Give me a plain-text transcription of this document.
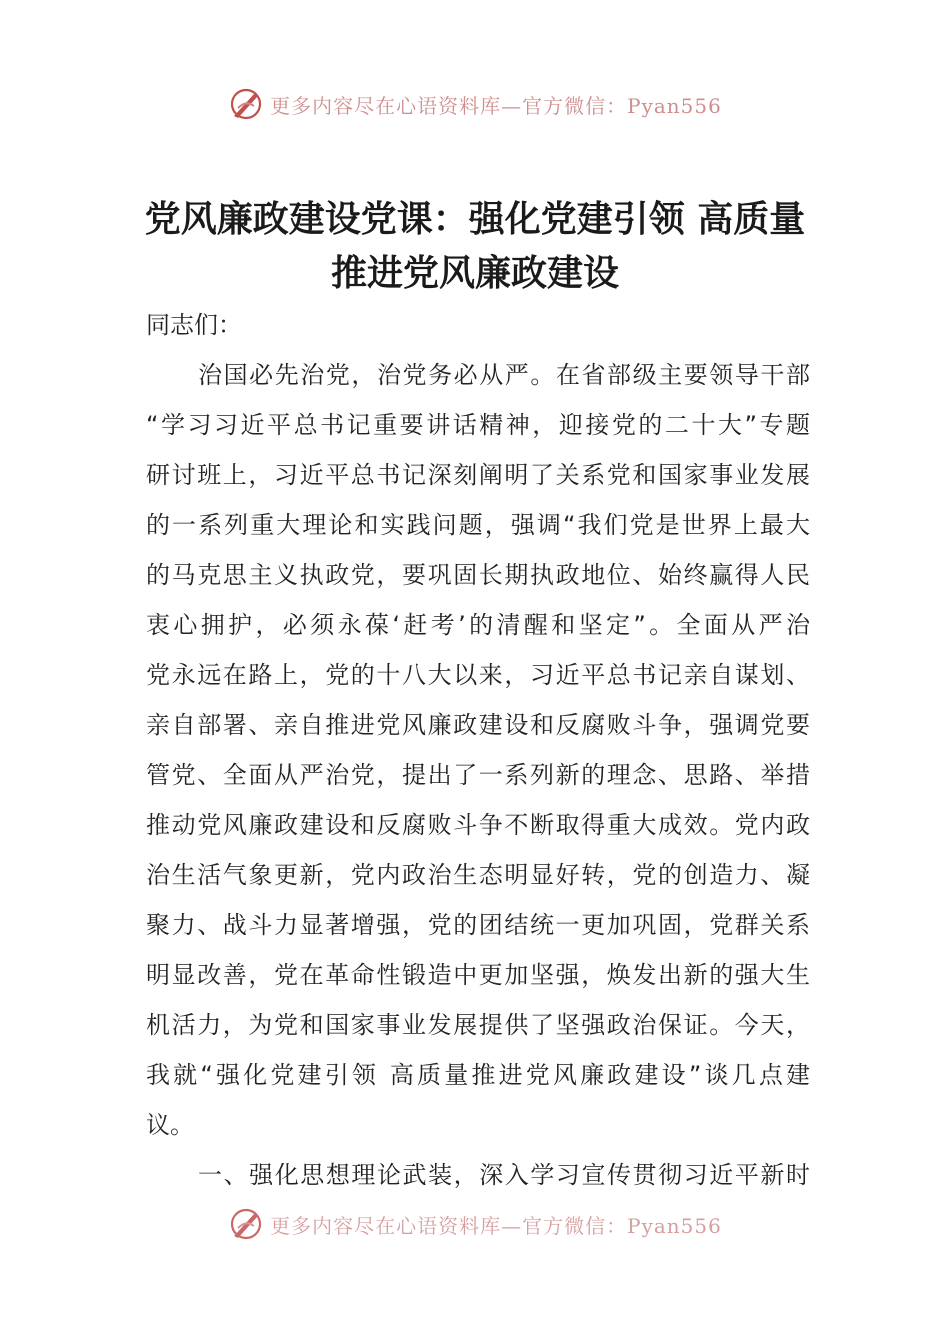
更多内容尽在心语资料库—官方微信：Pyan556
党风廉政建设党课：强化党建引领 高质量
推进党风廉政建设
同志们：
治国必先治党，治党务必从严。在省部级主要领导干部
“学习习近平总书记重要讲话精神，迎接党的二十大”专题
研讨班上，习近平总书记深刻阐明了关系党和国家事业发展
的一系列重大理论和实践问题，强调“我们党是世界上最大
的马克思主义执政党，要巩固长期执政地位、始终赢得人民
衷心拥护，必须永葆‘赶考’的清醒和坚定”。全面从严治
党永远在路上，党的十八大以来，习近平总书记亲自谋划、
亲自部署、亲自推进党风廉政建设和反腐败斗争，强调党要
管党、全面从严治党，提出了一系列新的理念、思路、举措
推动党风廉政建设和反腐败斗争不断取得重大成效。党内政
治生活气象更新，党内政治生态明显好转，党的创造力、凝
聚力、战斗力显著增强，党的团结统一更加巩固，党群关系
明显改善，党在革命性锻造中更加坚强，焕发出新的强大生
机活力，为党和国家事业发展提供了坚强政治保证。今天，
我就“强化党建引领 高质量推进党风廉政建设”谈几点建
议。
一、强化思想理论武装，深入学习宣传贯彻习近平新时
更多内容尽在心语资料库—官方微信：Pyan556
